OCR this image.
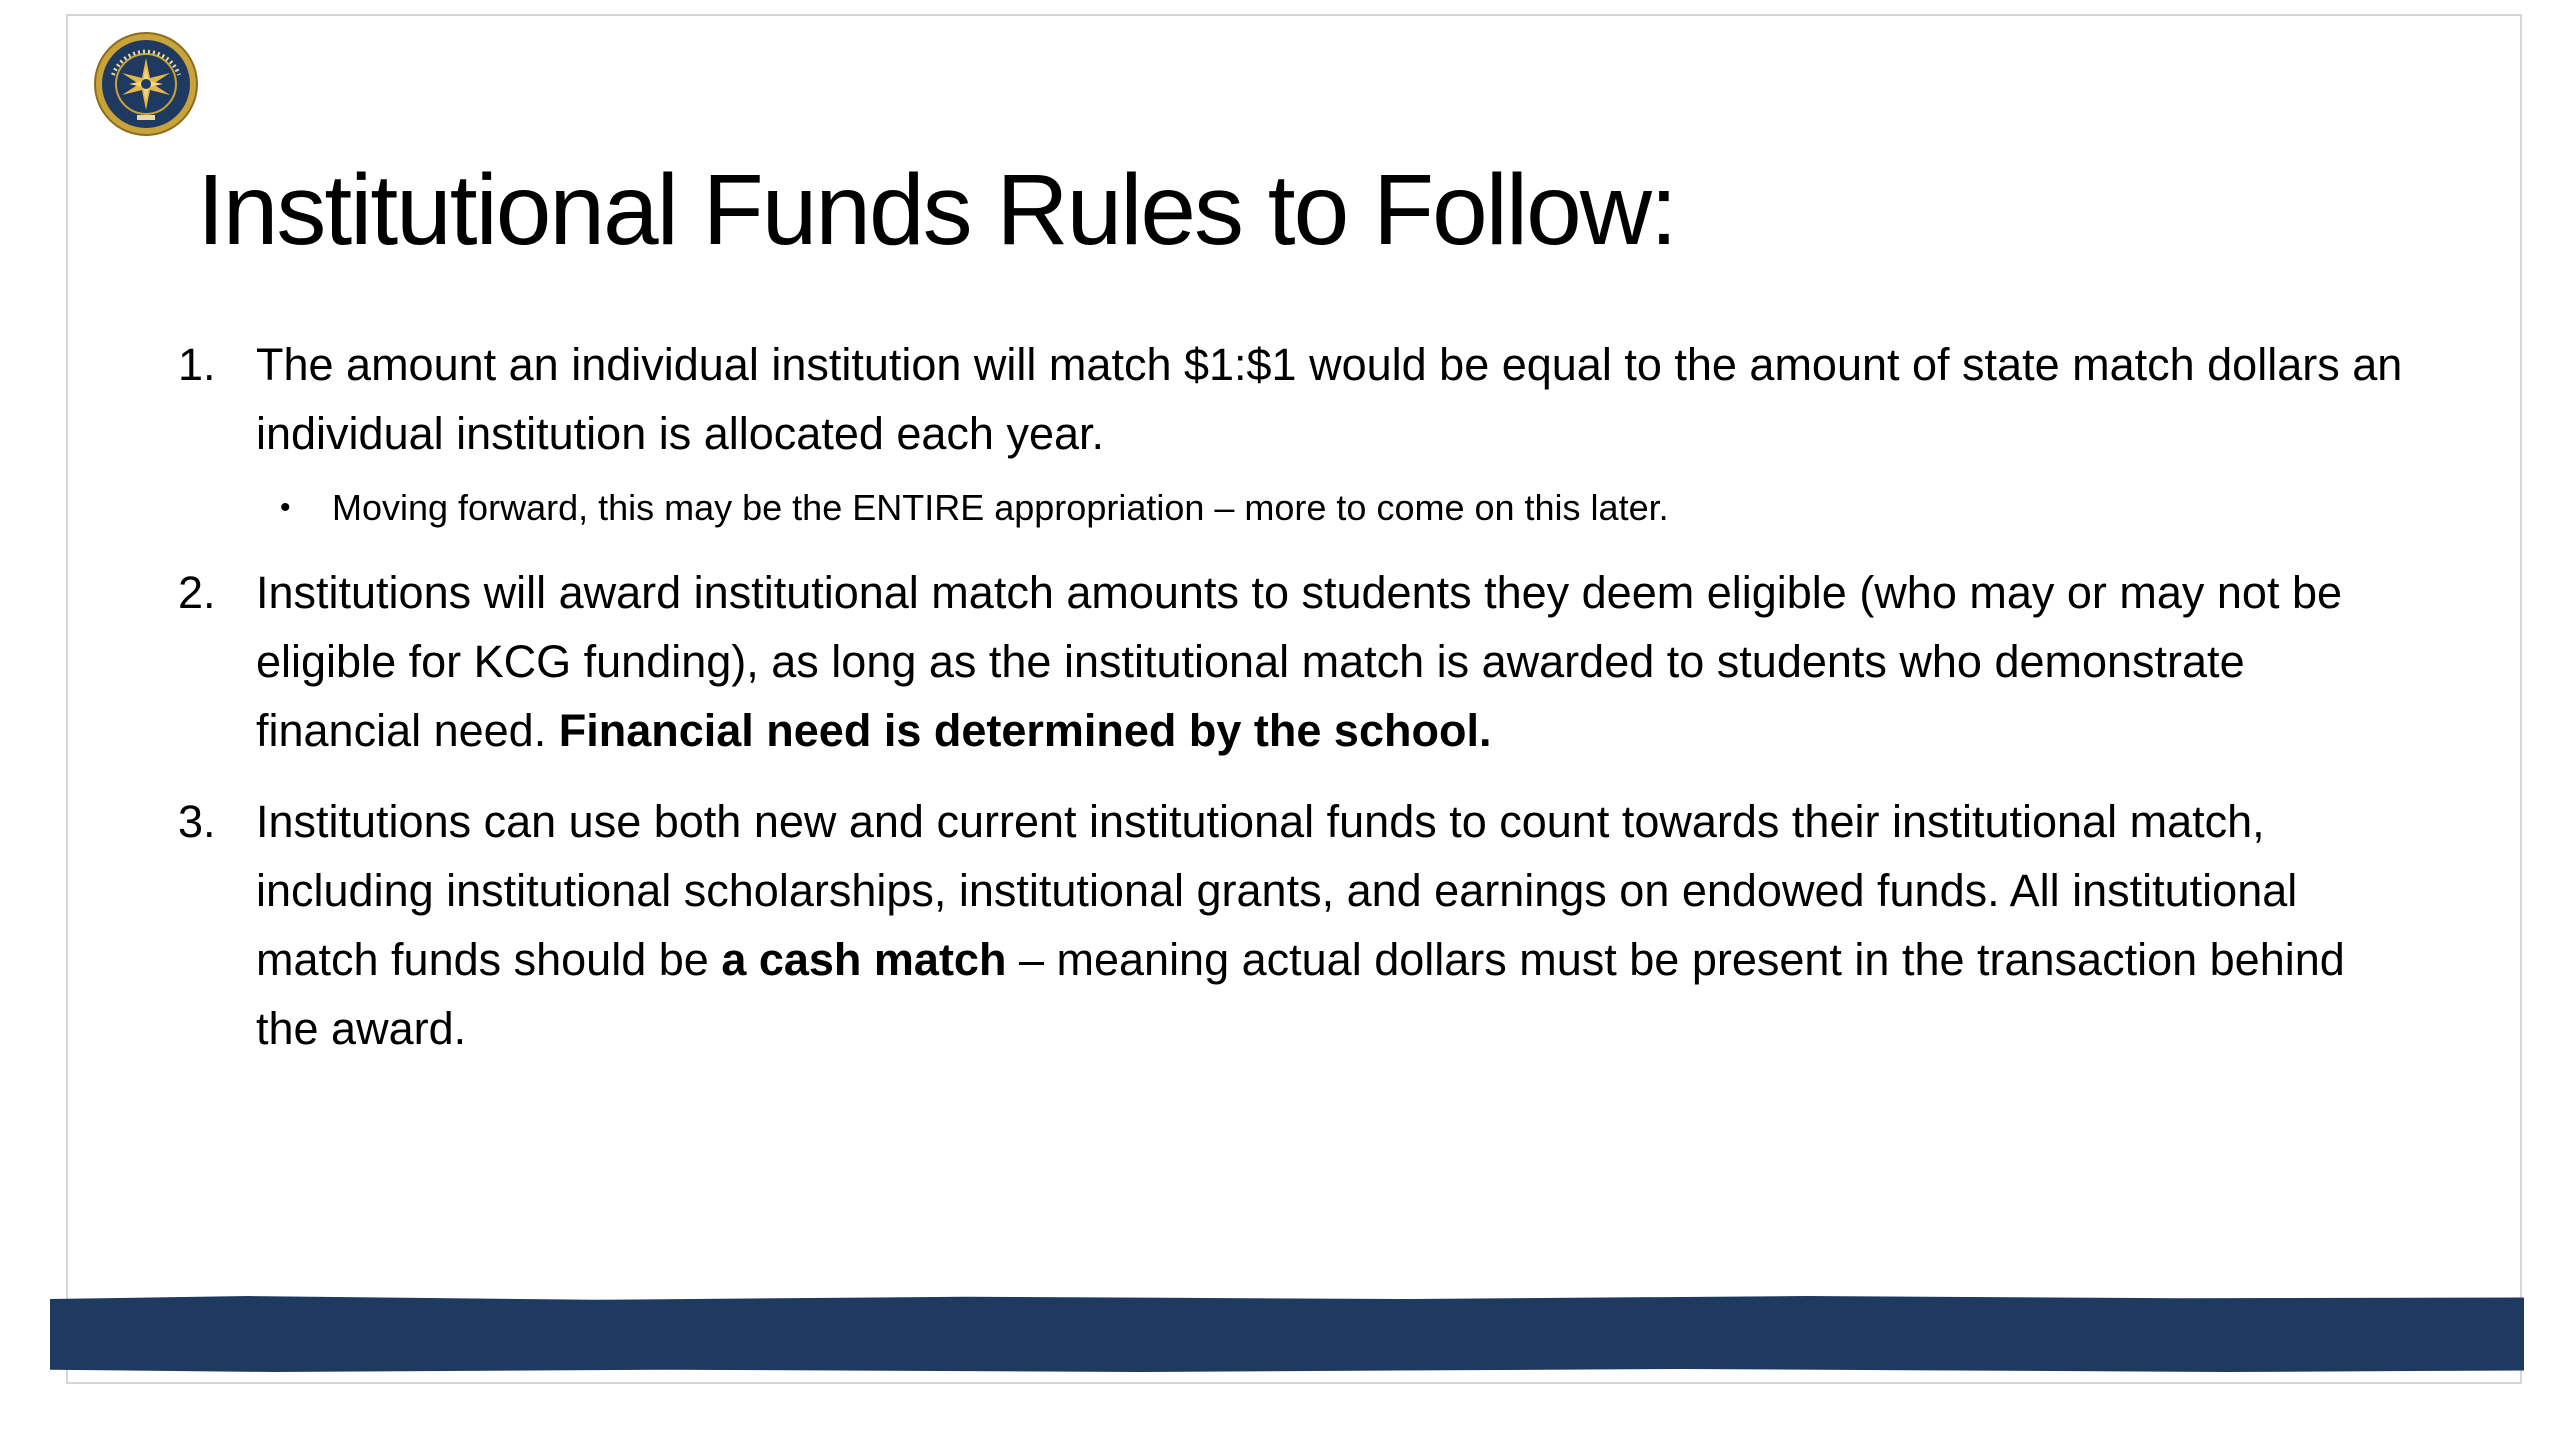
Institutional Funds Rules to Follow:
1. The amount an individual institution will match $1:$1 would be equal to the amount of state match dollars an individual institution is allocated each year.
• Moving forward, this may be the ENTIRE appropriation – more to come on this later.
2. Institutions will award institutional match amounts to students they deem eligible (who may or may not be eligible for KCG funding), as long as the institutional match is awarded to students who demonstrate financial need. Financial need is determined by the school.
3. Institutions can use both new and current institutional funds to count towards their institutional match, including institutional scholarships, institutional grants, and earnings on endowed funds. All institutional match funds should be a cash match – meaning actual dollars must be present in the transaction behind the award.
